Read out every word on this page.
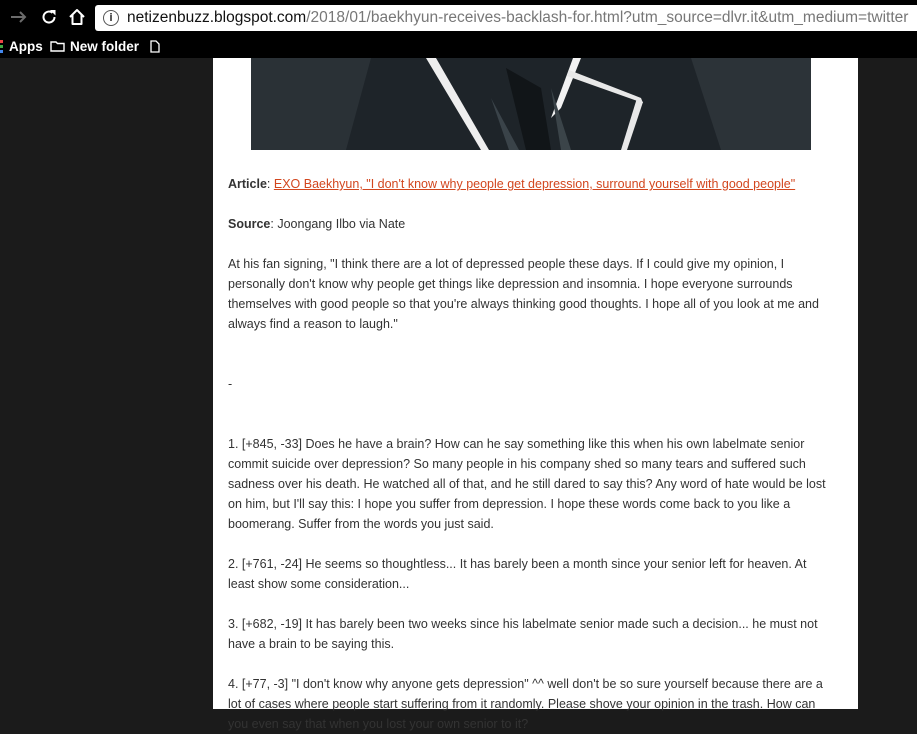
i netizenbuzz.blogspot.com/2018/01/baekhyun-receives-backlash-for.html?utm_source=dlvr.it&utm_medium=twitter
Apps New folder

Article: EXO Baekhyun, "I don't know why people get depression, surround yourself with good people"

Source: Joongang Ilbo via Nate

At his fan signing, "I think there are a lot of depressed people these days. If I could give my opinion, I personally don't know why people get things like depression and insomnia. I hope everyone surrounds themselves with good people so that you're always thinking good thoughts. I hope all of you look at me and always find a reason to laugh."

-

1. [+845, -33] Does he have a brain? How can he say something like this when his own labelmate senior commit suicide over depression? So many people in his company shed so many tears and suffered such sadness over his death. He watched all of that, and he still dared to say this? Any word of hate would be lost on him, but I'll say this: I hope you suffer from depression. I hope these words come back to you like a boomerang. Suffer from the words you just said.

2. [+761, -24] He seems so thoughtless... It has barely been a month since your senior left for heaven. At least show some consideration...

3. [+682, -19] It has barely been two weeks since his labelmate senior made such a decision... he must not have a brain to be saying this.

4. [+77, -3] "I don't know why anyone gets depression" ^^ well don't be so sure yourself because there are a lot of cases where people start suffering from it randomly. Please shove your opinion in the trash. How can you even say that when you lost your own senior to it?
